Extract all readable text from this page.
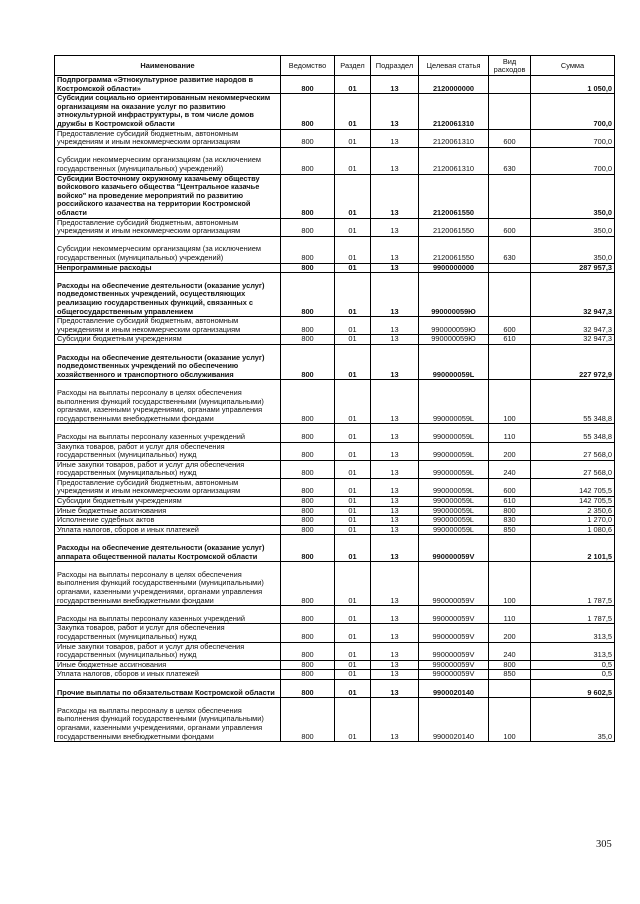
Наименование	Ведомство	Раздел	Подраздел	Целевая статья	Вид расходов	Сумма
Подпрограмма «Этнокультурное развитие народов в Костромской области»	800	01	13	2120000000		1 050,0
Субсидии социально ориентированным некоммерческим организациям на оказание услуг по развитию этнокультурной инфраструктуры, в том числе домов дружбы в Костромской области	800	01	13	2120061310		700,0
Предоставление субсидий бюджетным, автономным учреждениям и иным некоммерческим организациям	800	01	13	2120061310	600	700,0
Субсидии некоммерческим организациям (за исключением государственных (муниципальных) учреждений)	800	01	13	2120061310	630	700,0
Субсидии Восточному окружному казачьему обществу войскового казачьего общества "Центральное казачье войско" на проведение мероприятий по развитию российского казачества на территории Костромской области	800	01	13	2120061550		350,0
Предоставление субсидий бюджетным, автономным учреждениям и иным некоммерческим организациям	800	01	13	2120061550	600	350,0
Субсидии некоммерческим организациям (за исключением государственных (муниципальных) учреждений)	800	01	13	2120061550	630	350,0
Непрограммные расходы	800	01	13	9900000000		287 957,3
Расходы на обеспечение деятельности (оказание услуг) подведомственных учреждений, осуществляющих реализацию государственных функций, связанных с общегосударственным управлением	800	01	13	990000059Ю		32 947,3
Предоставление субсидий бюджетным, автономным учреждениям и иным некоммерческим организациям	800	01	13	990000059Ю	600	32 947,3
Субсидии бюджетным учреждениям	800	01	13	990000059Ю	610	32 947,3
Расходы на обеспечение деятельности (оказание услуг) подведомственных учреждений по обеспечению хозяйственного и транспортного обслуживания	800	01	13	990000059L		227 972,9
Расходы на выплаты персоналу в целях обеспечения выполнения функций государственными (муниципальными) органами, казенными учреждениями, органами управления государственными внебюджетными фондами	800	01	13	990000059L	100	55 348,8
Расходы на выплаты персоналу казенных учреждений	800	01	13	990000059L	110	55 348,8
Закупка товаров, работ и услуг для обеспечения государственных (муниципальных) нужд	800	01	13	990000059L	200	27 568,0
Иные закупки товаров, работ и услуг для обеспечения государственных (муниципальных) нужд	800	01	13	990000059L	240	27 568,0
Предоставление субсидий бюджетным, автономным учреждениям и иным некоммерческим организациям	800	01	13	990000059L	600	142 705,5
Субсидии бюджетным учреждениям	800	01	13	990000059L	610	142 705,5
Иные бюджетные ассигнования	800	01	13	990000059L	800	2 350,6
Исполнение судебных актов	800	01	13	990000059L	830	1 270,0
Уплата налогов, сборов и иных платежей	800	01	13	990000059L	850	1 080,6
Расходы на обеспечение деятельности (оказание услуг) аппарата общественной палаты Костромской области	800	01	13	990000059V		2 101,5
Расходы на выплаты персоналу в целях обеспечения выполнения функций государственными (муниципальными) органами, казенными учреждениями, органами управления государственными внебюджетными фондами	800	01	13	990000059V	100	1 787,5
Расходы на выплаты персоналу казенных учреждений	800	01	13	990000059V	110	1 787,5
Закупка товаров, работ и услуг для обеспечения государственных (муниципальных) нужд	800	01	13	990000059V	200	313,5
Иные закупки товаров, работ и услуг для обеспечения государственных (муниципальных) нужд	800	01	13	990000059V	240	313,5
Иные бюджетные ассигнования	800	01	13	990000059V	800	0,5
Уплата налогов, сборов и иных платежей	800	01	13	990000059V	850	0,5
Прочие выплаты по обязательствам Костромской области	800	01	13	9900020140		9 602,5
Расходы на выплаты персоналу в целях обеспечения выполнения функций государственными (муниципальными) органами, казенными учреждениями, органами управления государственными внебюджетными фондами	800	01	13	9900020140	100	35,0
305
